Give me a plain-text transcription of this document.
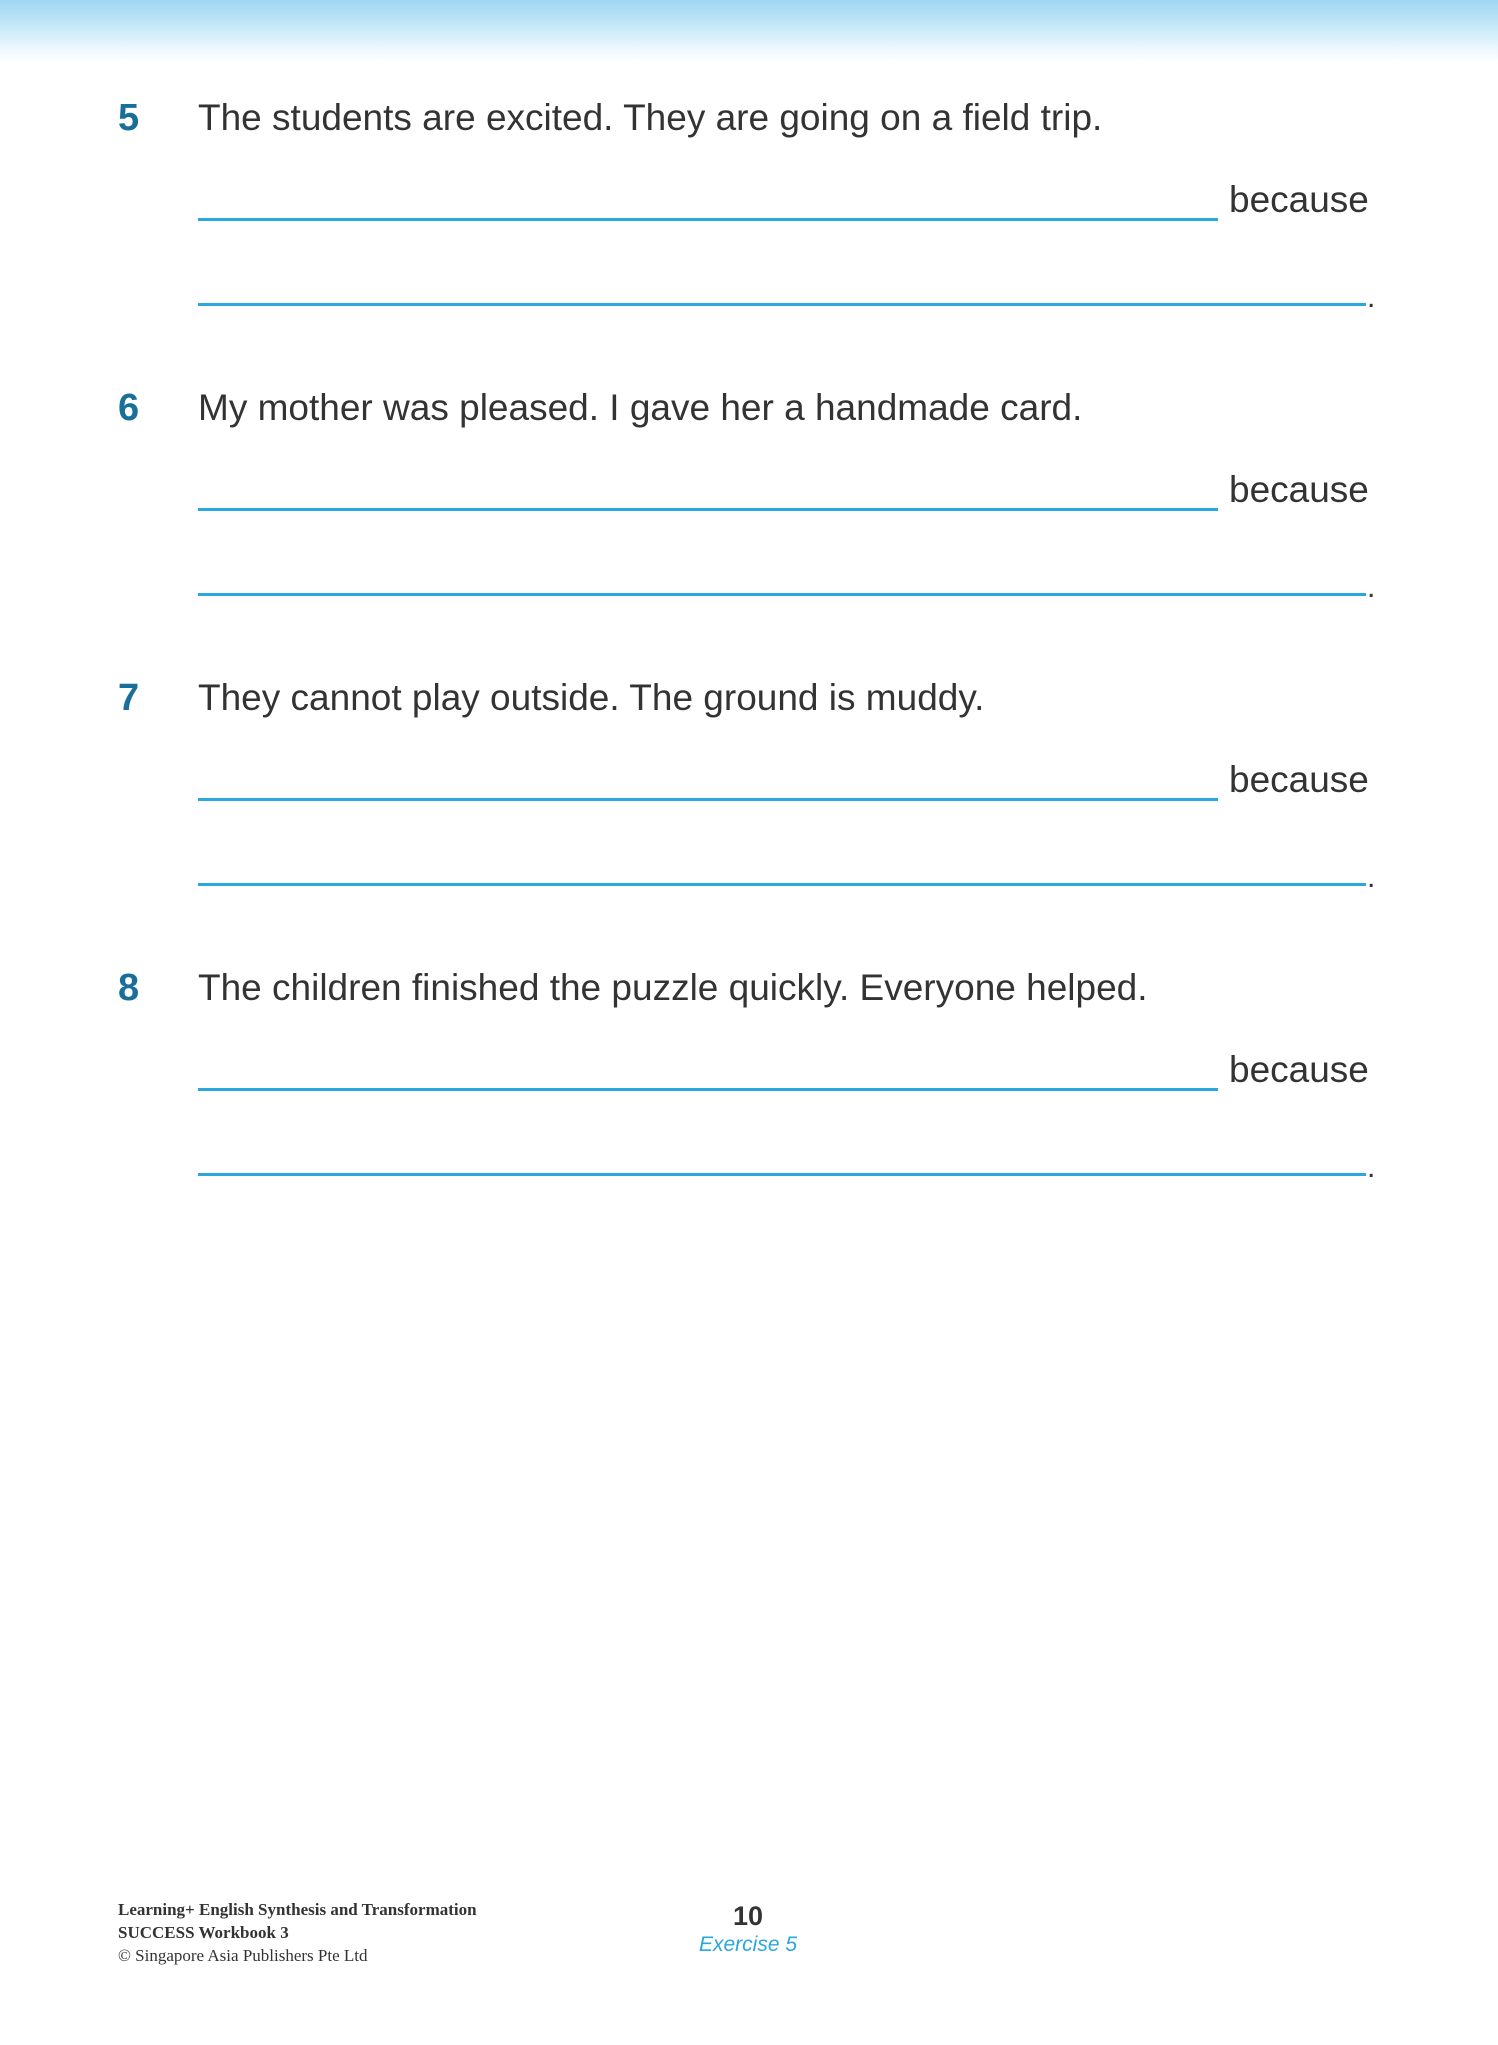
5 The students are excited. They are going on a field trip.
because
.
6 My mother was pleased. I gave her a handmade card.
because
.
7 They cannot play outside. The ground is muddy.
because
.
8 The children finished the puzzle quickly. Everyone helped.
because
.
Learning+ English Synthesis and Transformation
SUCCESS Workbook 3
© Singapore Asia Publishers Pte Ltd
10
Exercise 5
